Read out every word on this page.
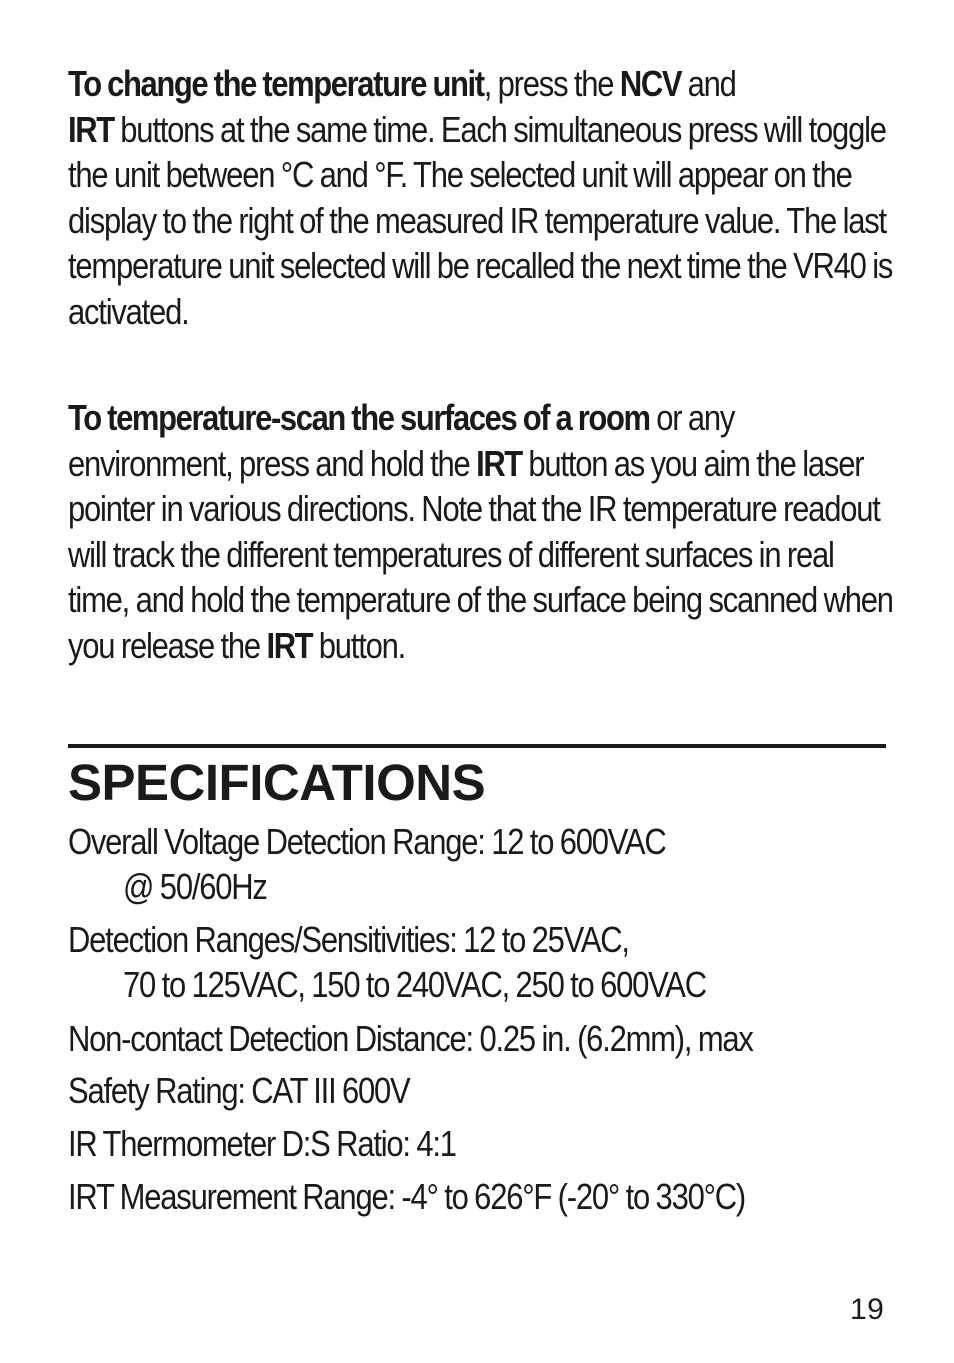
To change the temperature unit, press the NCV and
IRT buttons at the same time. Each simultaneous press will toggle the unit between °C and °F. The selected unit will appear on the display to the right of the measured IR temperature value. The last temperature unit selected will be recalled the next time the VR40 is activated.

To temperature-scan the surfaces of a room or any environment, press and hold the IRT button as you aim the laser pointer in various directions. Note that the IR temperature readout will track the different temperatures of different surfaces in real time, and hold the temperature of the surface being scanned when you release the IRT button.

SPECIFICATIONS
Overall Voltage Detection Range: 12 to 600VAC
@ 50/60Hz
Detection Ranges/Sensitivities: 12 to 25VAC,
70 to 125VAC, 150 to 240VAC, 250 to 600VAC
Non-contact Detection Distance: 0.25 in. (6.2mm), max
Safety Rating: CAT III 600V
IR Thermometer D:S Ratio: 4:1
IRT Measurement Range: -4° to 626°F (-20° to 330°C)
19
